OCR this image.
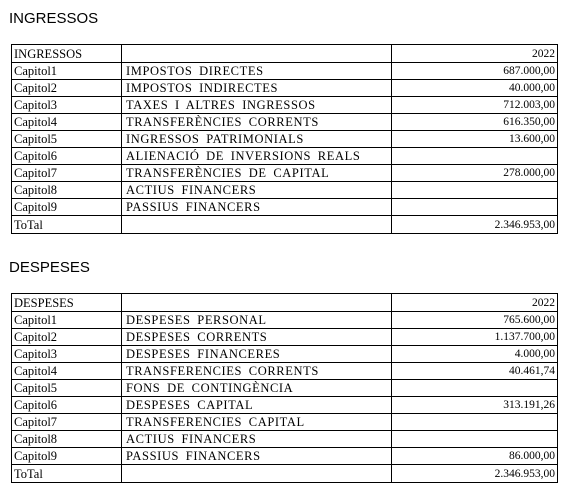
INGRESSOS
INGRESSOS		2022
Capitol1	IMPOSTOS DIRECTES	687.000,00
Capitol2	IMPOSTOS INDIRECTES	40.000,00
Capitol3	TAXES I ALTRES INGRESSOS	712.003,00
Capitol4	TRANSFERÈNCIES CORRENTS	616.350,00
Capitol5	INGRESSOS PATRIMONIALS	13.600,00
Capitol6	ALIENACIÓ DE INVERSIONS REALS	
Capitol7	TRANSFERÈNCIES DE CAPITAL	278.000,00
Capitol8	ACTIUS FINANCERS	
Capitol9	PASSIUS FINANCERS	
ToTal		2.346.953,00
DESPESES
DESPESES		2022
Capitol1	DESPESES PERSONAL	765.600,00
Capitol2	DESPESES CORRENTS	1.137.700,00
Capitol3	DESPESES FINANCERES	4.000,00
Capitol4	TRANSFERENCIES CORRENTS	40.461,74
Capitol5	FONS DE CONTINGÈNCIA	
Capitol6	DESPESES CAPITAL	313.191,26
Capitol7	TRANSFERENCIES CAPITAL	
Capitol8	ACTIUS FINANCERS	
Capitol9	PASSIUS FINANCERS	86.000,00
ToTal		2.346.953,00
